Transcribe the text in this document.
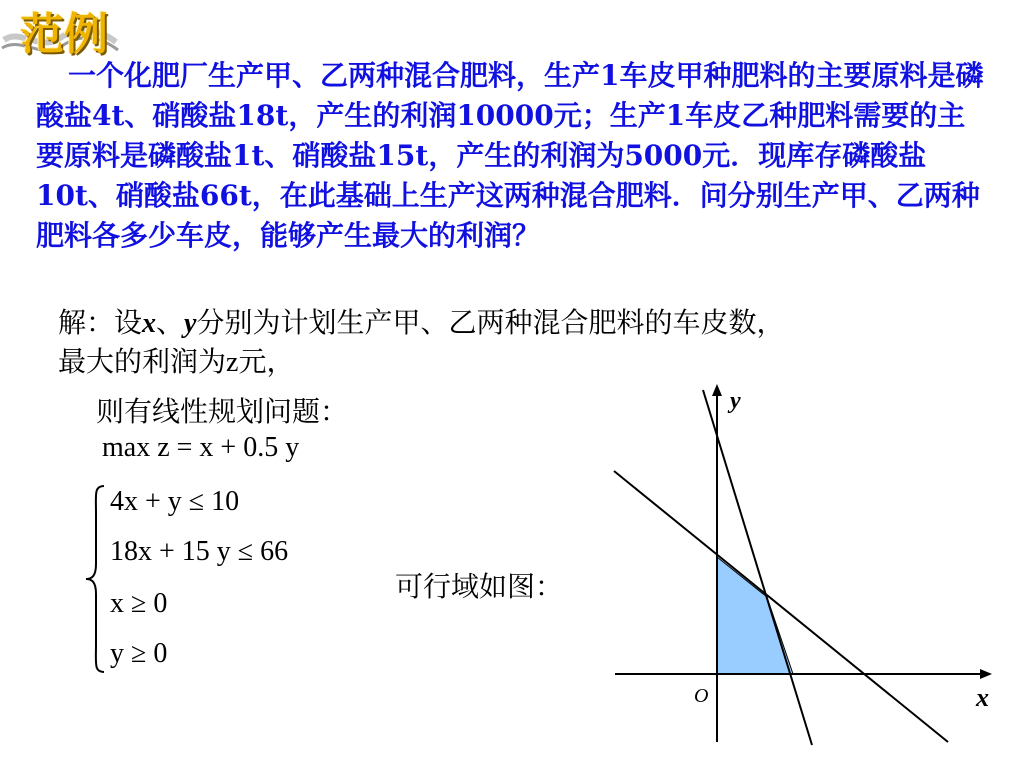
范例
一个化肥厂生产甲、乙两种混合肥料，生产1车皮甲种肥料的主要原料是磷酸盐4t、硝酸盐18t，产生的利润10000元；生产1车皮乙种肥料需要的主要原料是磷酸盐1t、硝酸盐15t，产生的利润为5000元．现库存磷酸盐10t、硝酸盐66t，在此基础上生产这两种混合肥料．问分别生产甲、乙两种肥料各多少车皮，能够产生最大的利润？
解：设x、y分别为计划生产甲、乙两种混合肥料的车皮数，
最大的利润为z元，
则有线性规划问题：
max z = x + 0.5 y
4x + y ≤ 10
18x + 15 y ≤ 66
x ≥ 0
y ≥ 0
可行域如图：
y
x
O
